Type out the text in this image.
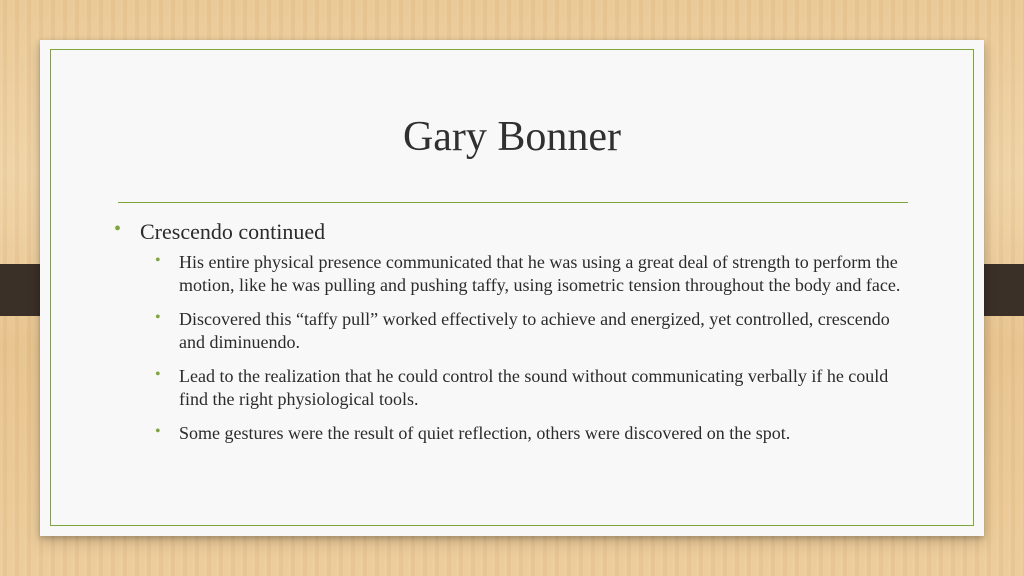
Gary Bonner
• Crescendo continued
• His entire physical presence communicated that he was using a great deal of strength to perform the motion, like he was pulling and pushing taffy, using isometric tension throughout the body and face.
• Discovered this “taffy pull” worked effectively to achieve and energized, yet controlled, crescendo and diminuendo.
• Lead to the realization that he could control the sound without communicating verbally if he could find the right physiological tools.
• Some gestures were the result of quiet reflection, others were discovered on the spot.
